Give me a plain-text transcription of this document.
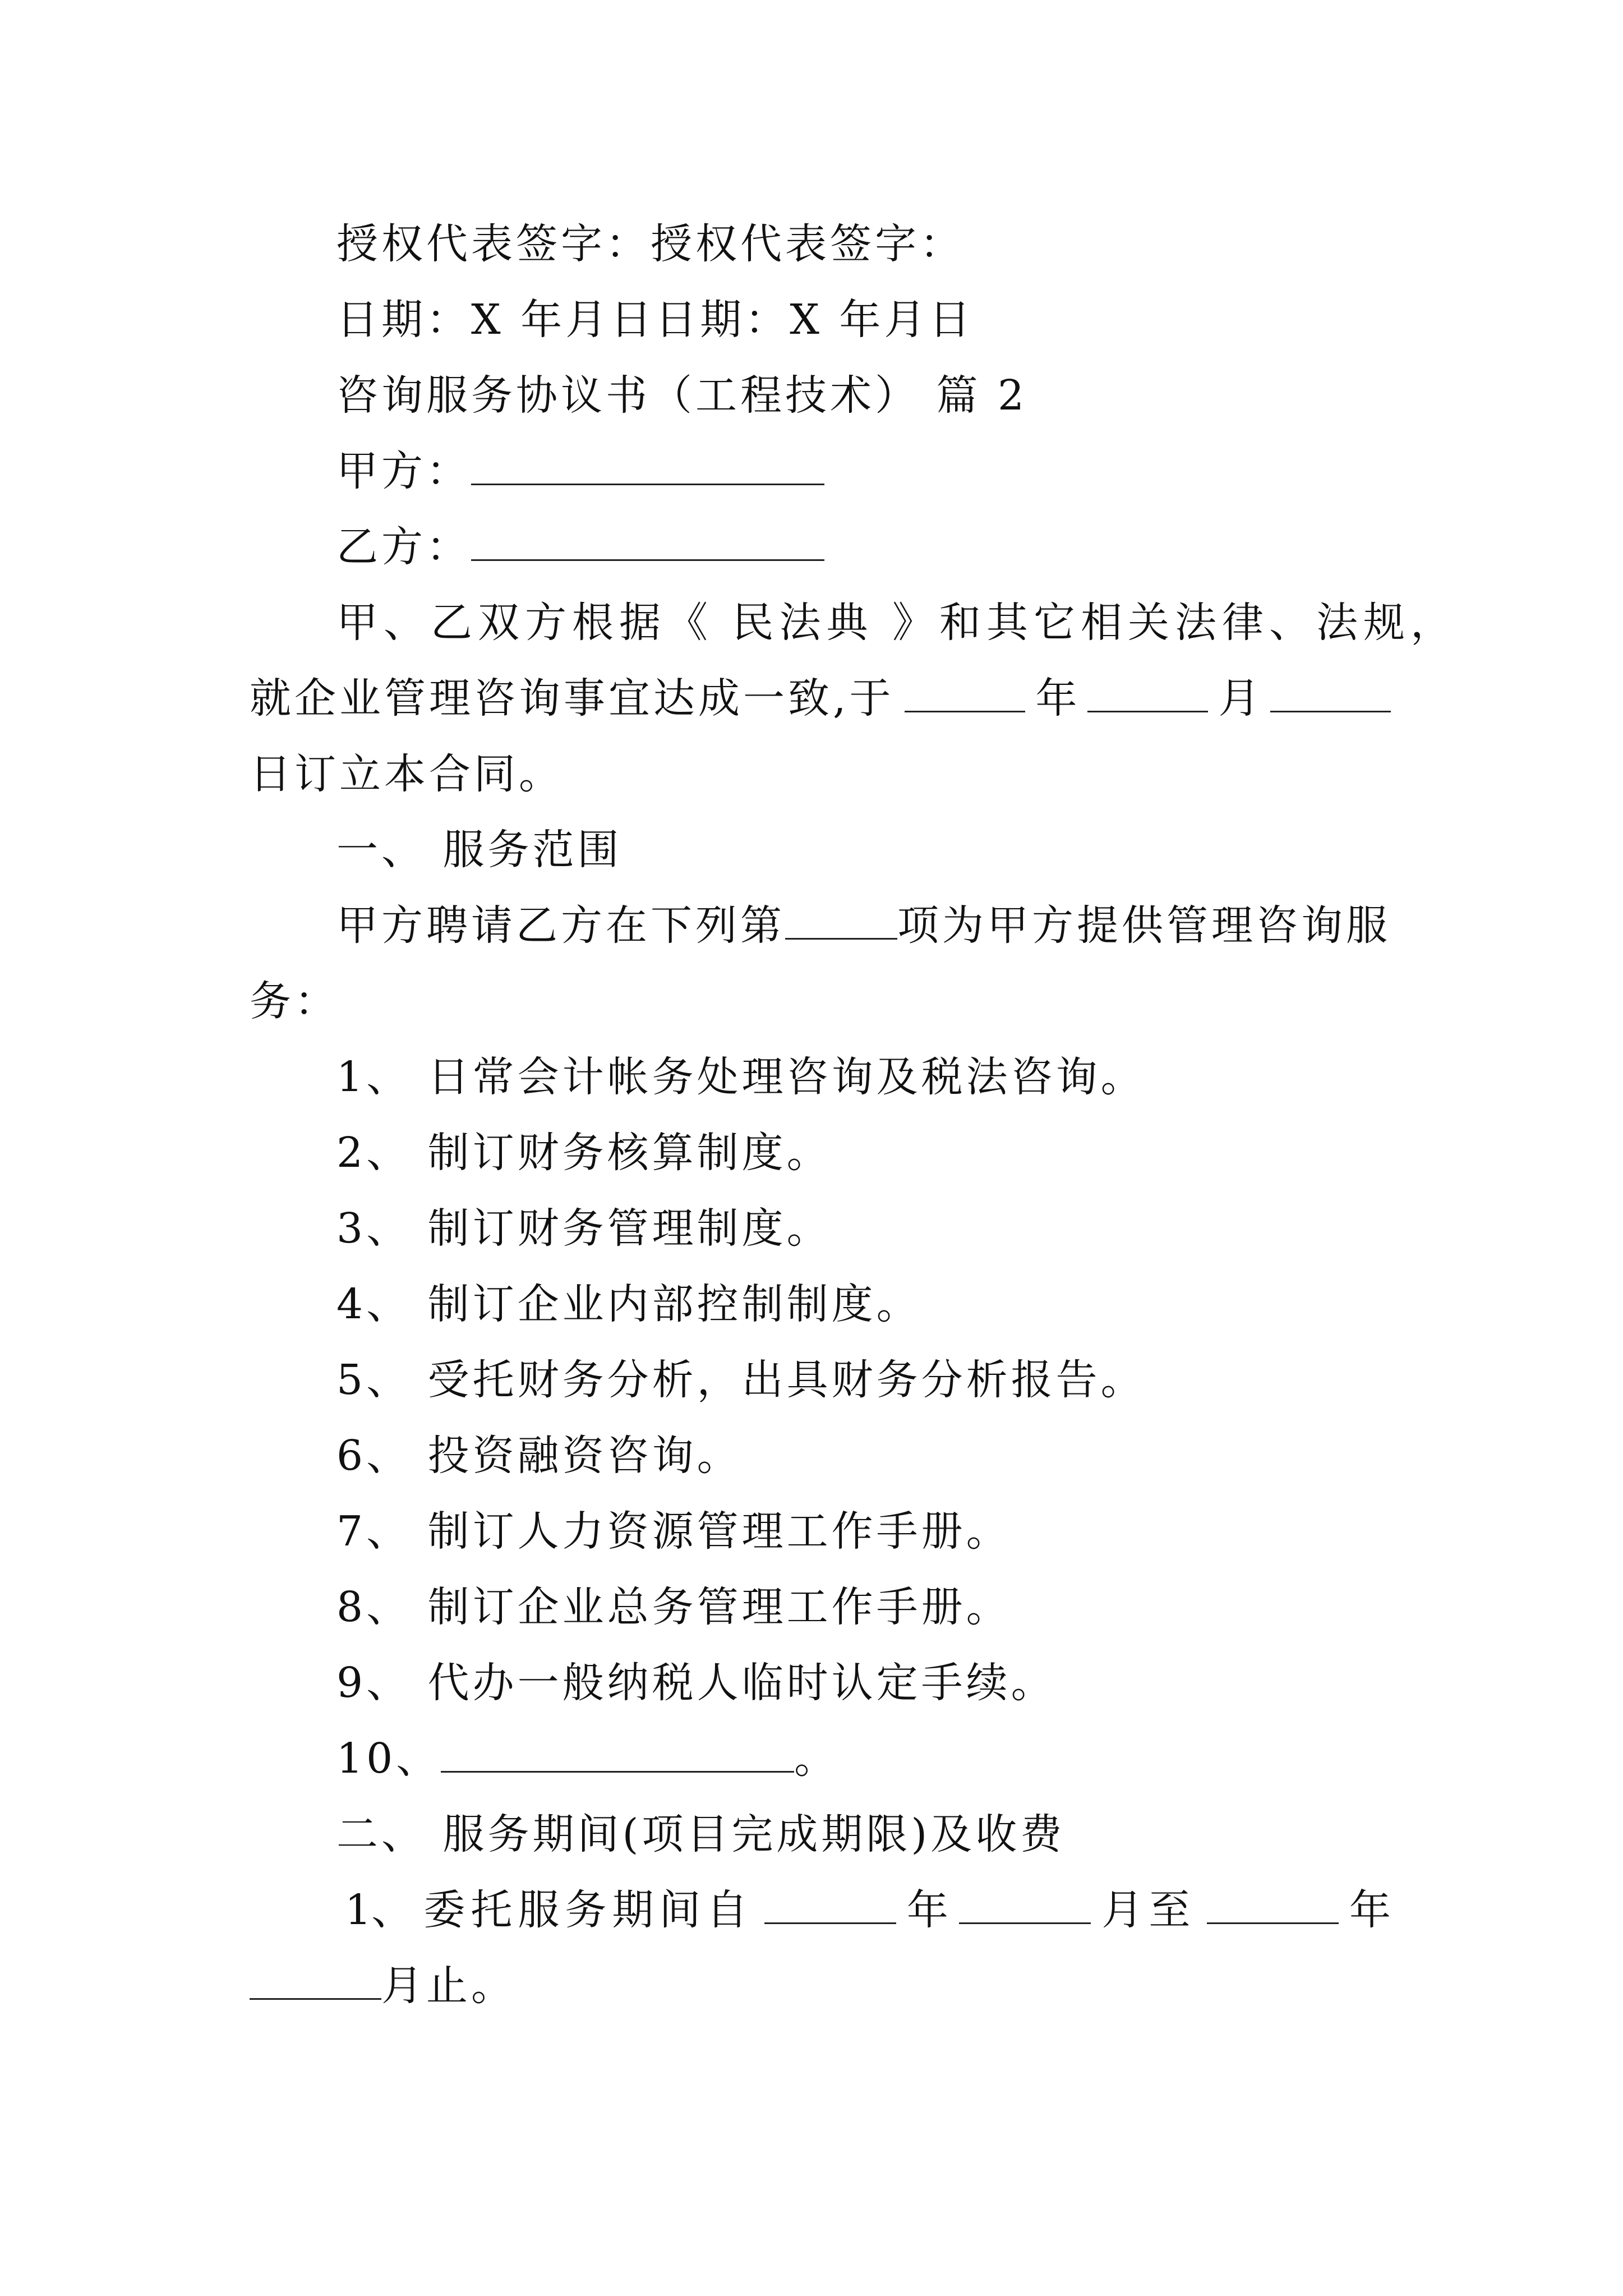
授权代表签字：授权代表签字：
日期：X 年月日日期：X 年月日
咨询服务协议书（工程技术） 篇 2
甲方：
乙方：
甲、乙双方根据《 民法典 》和其它相关法律、法规，
就企业管理咨询事宜达成一致,于	年	月
日订立本合同。
一、 服务范围
甲方聘请乙方在下列第	项为甲方提供管理咨询服
务：
1、 日常会计帐务处理咨询及税法咨询。
2、 制订财务核算制度。
3、 制订财务管理制度。
4、 制订企业内部控制制度。
5、 受托财务分析，出具财务分析报告。
6、 投资融资咨询。
7、 制订人力资源管理工作手册。
8、 制订企业总务管理工作手册。
9、 代办一般纳税人临时认定手续。
10、	。
二、 服务期间(项目完成期限)及收费
1、 委托服务期间自	年	月至	年
月止。
